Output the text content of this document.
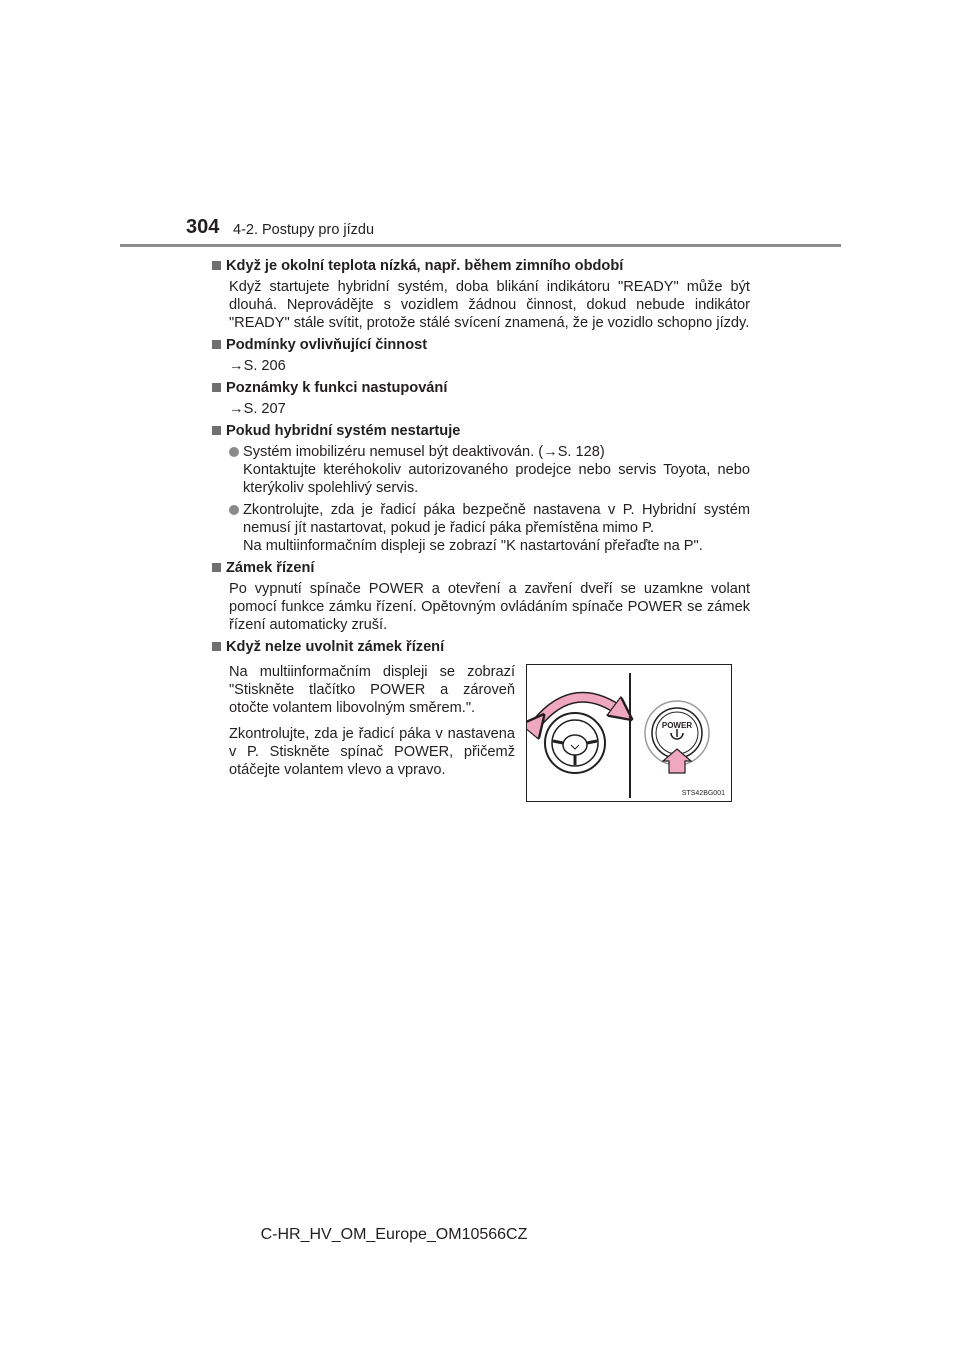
304 4-2. Postupy pro jízdu
Když je okolní teplota nízká, např. během zimního období
Když startujete hybridní systém, doba blikání indikátoru "READY" může být dlouhá. Neprovádějte s vozidlem žádnou činnost, dokud nebude indikátor "READY" stále svítit, protože stálé svícení znamená, že je vozidlo schopno jízdy.
Podmínky ovlivňující činnost
→S. 206
Poznámky k funkci nastupování
→S. 207
Pokud hybridní systém nestartuje
Systém imobilizéru nemusel být deaktivován. (→S. 128)
Kontaktujte kteréhokoliv autorizovaného prodejce nebo servis Toyota, nebo kterýkoliv spolehlivý servis.
Zkontrolujte, zda je řadicí páka bezpečně nastavena v P. Hybridní systém nemusí jít nastartovat, pokud je řadicí páka přemístěna mimo P.
Na multiinformačním displeji se zobrazí "K nastartování přeřaďte na P".
Zámek řízení
Po vypnutí spínače POWER a otevření a zavření dveří se uzamkne volant pomocí funkce zámku řízení. Opětovným ovládáním spínače POWER se zámek řízení automaticky zruší.
Když nelze uvolnit zámek řízení

Na multiinformačním displeji se zobrazí "Stiskněte tlačítko POWER a zároveň otočte volantem libovolným směrem.".

Zkontrolujte, zda je řadicí páka v nastavena v P. Stiskněte spínač POWER, přičemž otáčejte volantem vlevo a vpravo.

POWER
STS42BG001
C-HR_HV_OM_Europe_OM10566CZ
